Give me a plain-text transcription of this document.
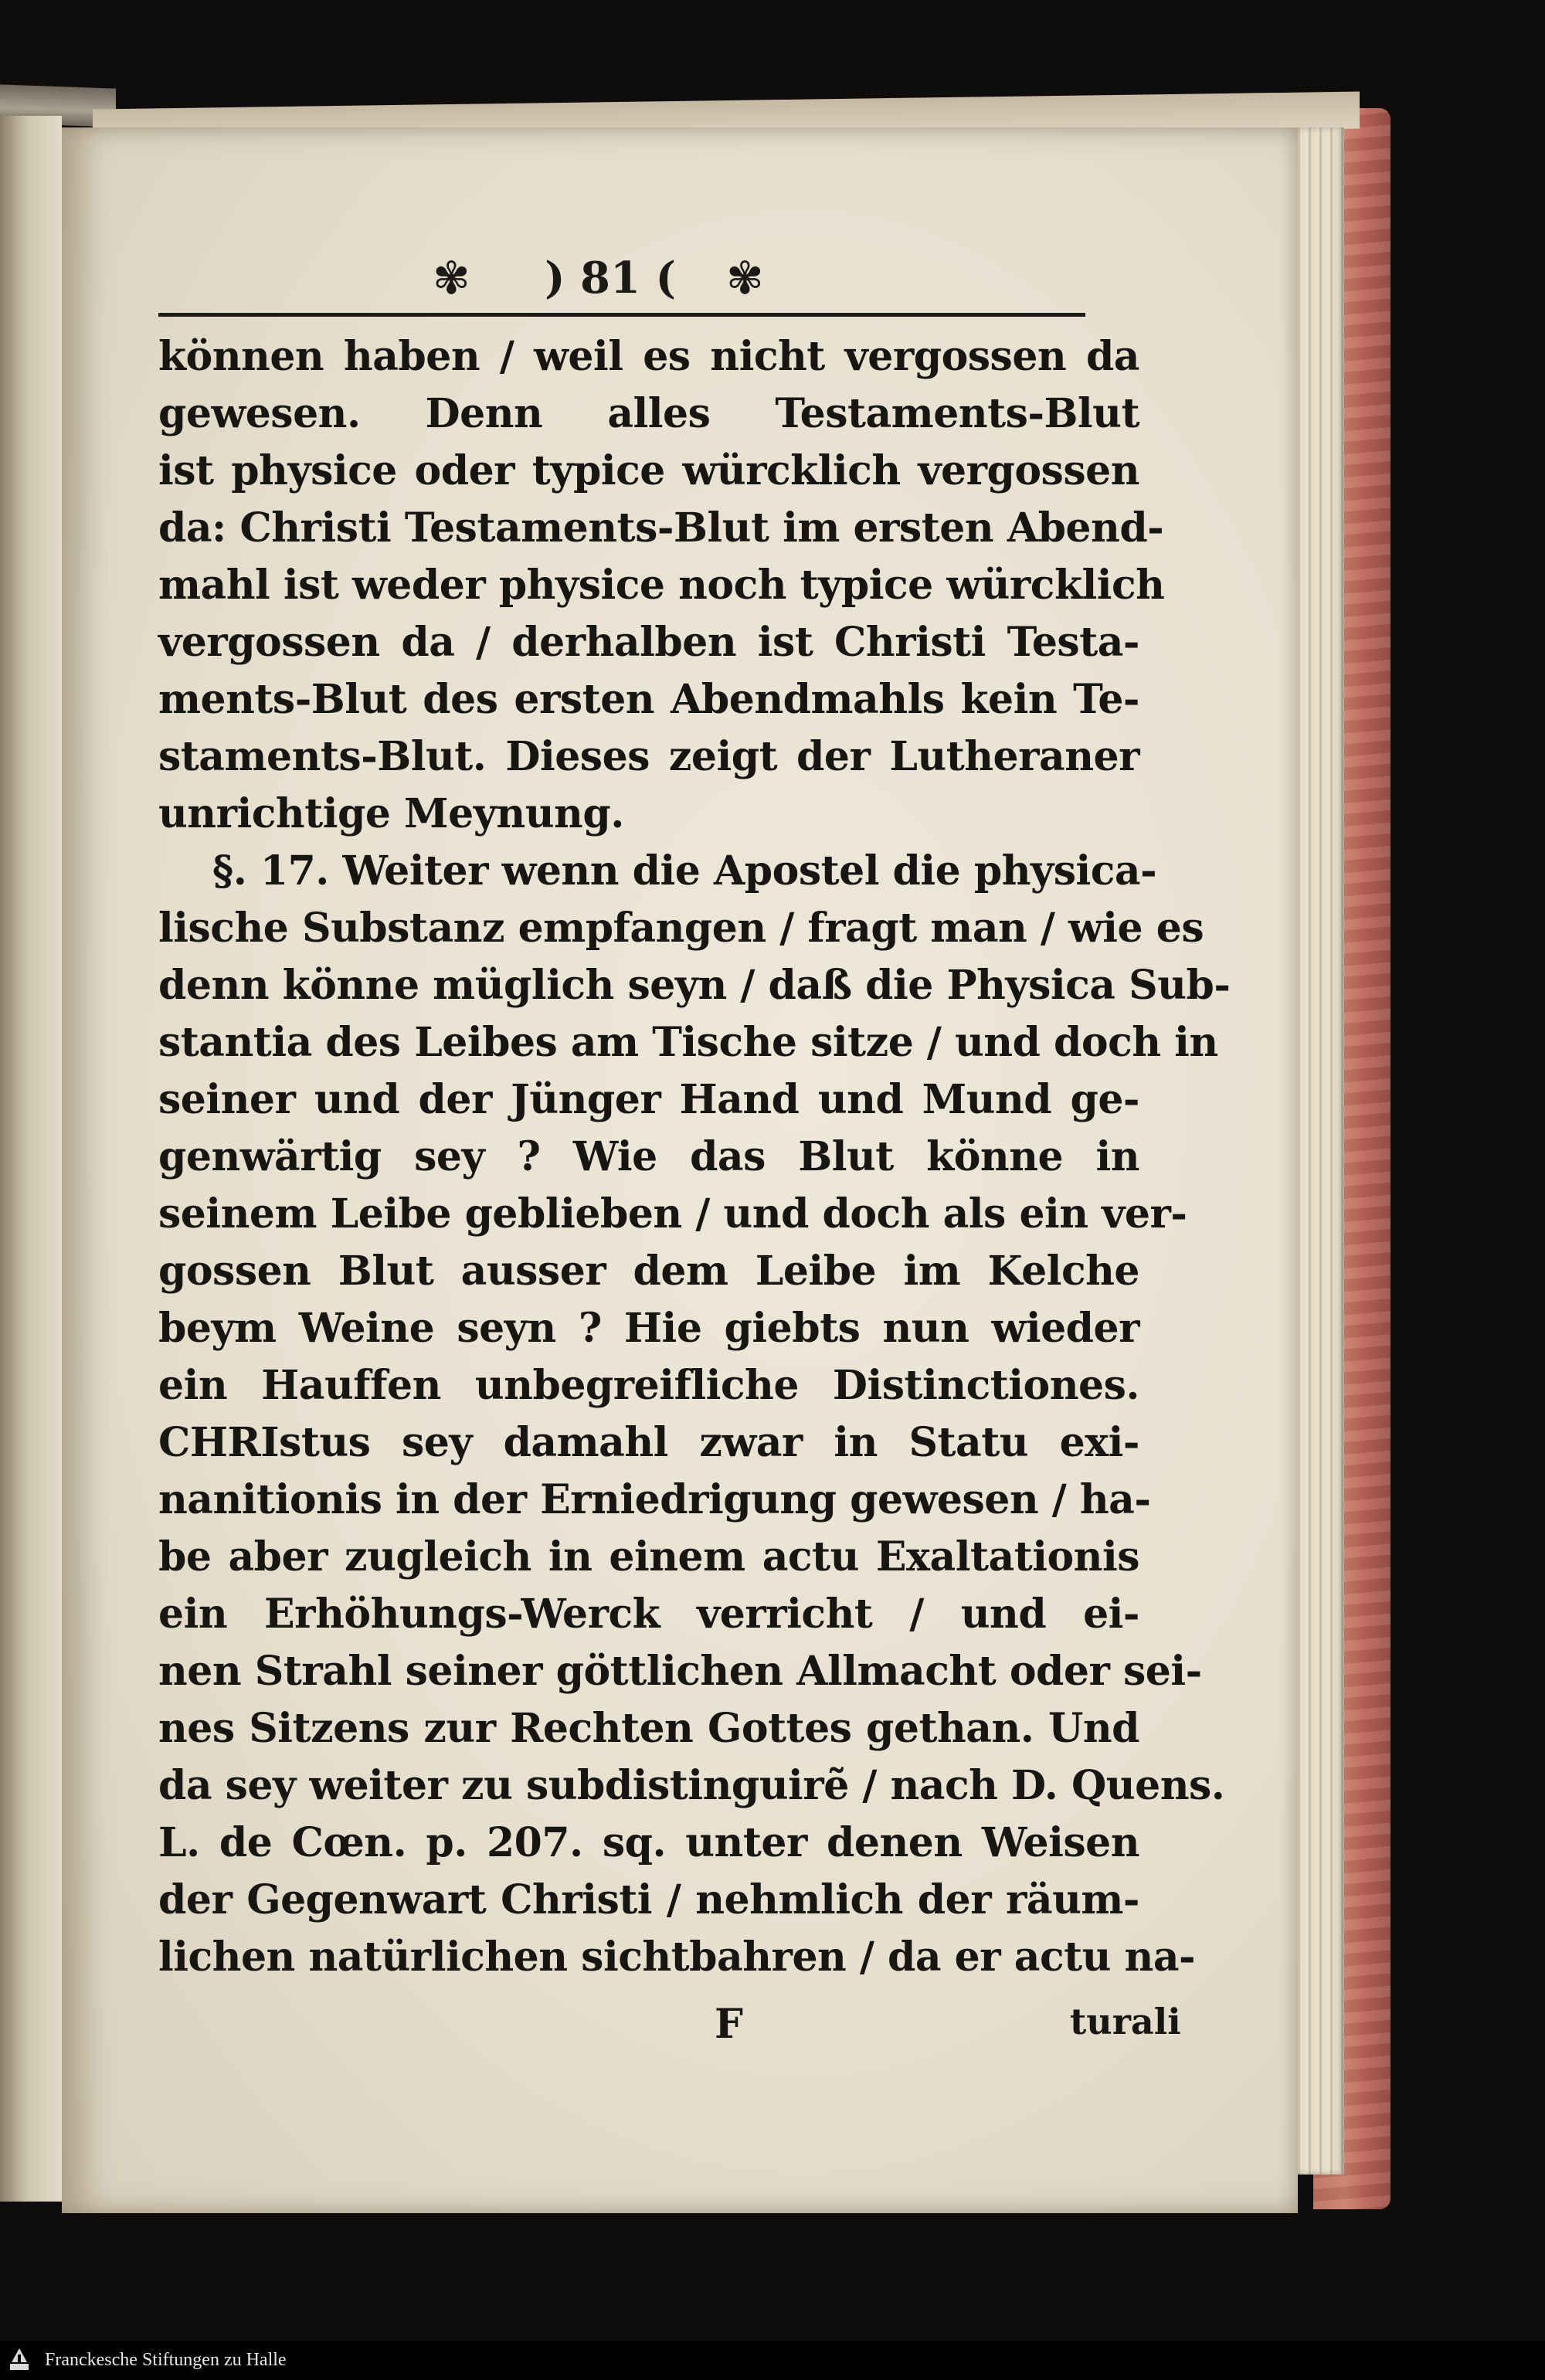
✾	) 81 (	✾
können haben / weil es nicht vergossen da
gewesen. Denn alles Testaments-Blut
ist physice oder typice würcklich vergossen
da: Christi Testaments-Blut im ersten Abend-
mahl ist weder physice noch typice würcklich
vergossen da / derhalben ist Christi Testa-
ments-Blut des ersten Abendmahls kein Te-
staments-Blut. Dieses zeigt der Lutheraner
unrichtige Meynung.
§. 17. Weiter wenn die Apostel die physica-
lische Substanz empfangen / fragt man / wie es
denn könne müglich seyn / daß die Physica Sub-
stantia des Leibes am Tische sitze / und doch in
seiner und der Jünger Hand und Mund ge-
genwärtig sey ? Wie das Blut könne in
seinem Leibe geblieben / und doch als ein ver-
gossen Blut ausser dem Leibe im Kelche
beym Weine seyn ? Hie giebts nun wieder
ein Hauffen unbegreifliche Distinctiones.
CHRIstus sey damahl zwar in Statu exi-
nanitionis in der Erniedrigung gewesen / ha-
be aber zugleich in einem actu Exaltationis
ein Erhöhungs-Werck verricht / und ei-
nen Strahl seiner göttlichen Allmacht oder sei-
nes Sitzens zur Rechten Gottes gethan. Und
da sey weiter zu subdistinguirẽ / nach D. Quens.
L. de Cœn. p. 207. sq. unter denen Weisen
der Gegenwart Christi / nehmlich der räum-
lichen natürlichen sichtbahren / da er actu na-
F	turali
Franckesche Stiftungen zu Halle
